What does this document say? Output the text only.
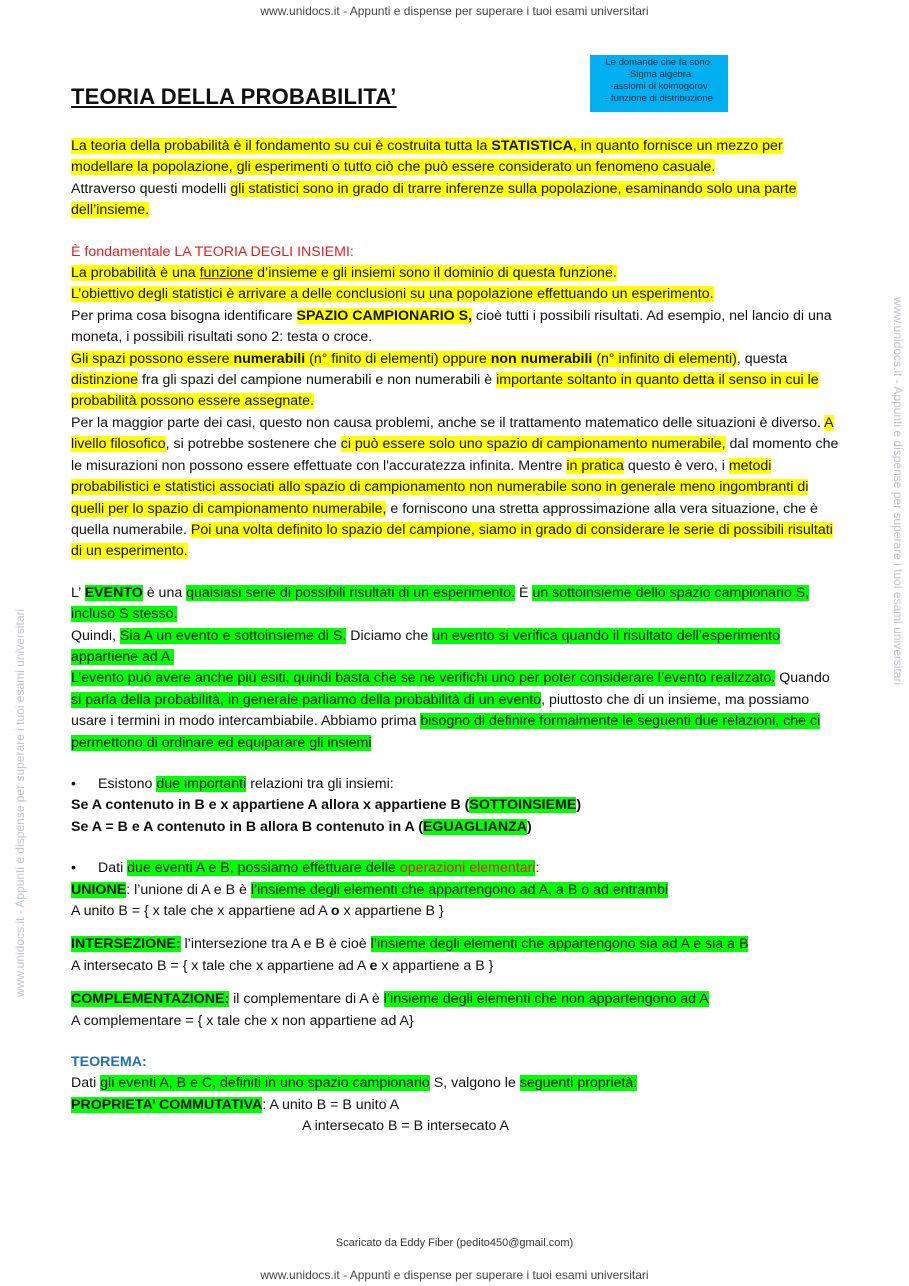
www.unidocs.it - Appunti e dispense per superare i tuoi esami universitari
www.unidocs.it - Appunti e dispense per superare i tuoi esami universitari
www.unidocs.it - Appunti e dispense per superare i tuoi esami universitari
Le domande che fa sono:
-Sigma algebra
-assiomi di kolmogorov
- funzione di distribuzione
TEORIA DELLA PROBABILITA’

La teoria della probabilità è il fondamento su cui è costruita tutta la STATISTICA, in quanto fornisce un mezzo per modellare la popolazione, gli esperimenti o tutto ciò che può essere considerato un fenomeno casuale.

Attraverso questi modelli gli statistici sono in grado di trarre inferenze sulla popolazione, esaminando solo una parte dell’insieme.

È fondamentale LA TEORIA DEGLI INSIEMI:

La probabilità è una funzione d’insieme e gli insiemi sono il dominio di questa funzione.

L’obiettivo degli statistici è arrivare a delle conclusioni su una popolazione effettuando un esperimento.

Per prima cosa bisogna identificare SPAZIO CAMPIONARIO S, cioè tutti i possibili risultati. Ad esempio, nel lancio di una moneta, i possibili risultati sono 2: testa o croce.

Gli spazi possono essere numerabili (n° finito di elementi) oppure non numerabili (n° infinito di elementi), questa distinzione fra gli spazi del campione numerabili e non numerabili è importante soltanto in quanto detta il senso in cui le probabilità possono essere assegnate.

Per la maggior parte dei casi, questo non causa problemi, anche se il trattamento matematico delle situazioni è diverso. A livello filosofico, si potrebbe sostenere che ci può essere solo uno spazio di campionamento numerabile, dal momento che le misurazioni non possono essere effettuate con l'accuratezza infinita. Mentre in pratica questo è vero, i metodi probabilistici e statistici associati allo spazio di campionamento non numerabile sono in generale meno ingombranti di quelli per lo spazio di campionamento numerabile, e forniscono una stretta approssimazione alla vera situazione, che è quella numerabile. Poi una volta definito lo spazio del campione, siamo in grado di considerare le serie di possibili risultati di un esperimento.

L’ EVENTO è una qualsiasi serie di possibili risultati di un esperimento. È un sottoinsieme dello spazio campionario S, incluso S stesso.

Quindi, Sia A un evento e sottoinsieme di S. Diciamo che un evento si verifica quando il risultato dell’esperimento appartiene ad A.

L’evento può avere anche più esiti, quindi basta che se ne verifichi uno per poter considerare l’evento realizzato. Quando si parla della probabilità, in generale parliamo della probabilità di un evento, piuttosto che di un insieme, ma possiamo usare i termini in modo intercambiabile. Abbiamo prima bisogno di definire formalmente le seguenti due relazioni, che ci permettono di ordinare ed equiparare gli insiemi

• Esistono due importanti relazioni tra gli insiemi:

Se A contenuto in B e x appartiene A allora x appartiene B (SOTTOINSIEME)

Se A = B e A contenuto in B allora B contenuto in A (EGUAGLIANZA)

• Dati due eventi A e B, possiamo effettuare delle operazioni elementari:

UNIONE: l’unione di A e B è l’insieme degli elementi che appartengono ad A, a B o ad entrambi

A unito B = { x tale che x appartiene ad A o x appartiene B }

INTERSEZIONE: l’intersezione tra A e B è cioè l’insieme degli elementi che appartengono sia ad A e sia a B

A intersecato B = { x tale che x appartiene ad A e x appartiene a B }

COMPLEMENTAZIONE: il complementare di A è l’insieme degli elementi che non appartengono ad A

A complementare = { x tale che x non appartiene ad A}

TEOREMA:

Dati gli eventi A, B e C, definiti in uno spazio campionario S, valgono le seguenti proprietà:

PROPRIETA’ COMMUTATIVA: A unito B = B unito A

A intersecato B = B intersecato A

Scaricato da Eddy Fiber (pedito450@gmail.com)
www.unidocs.it - Appunti e dispense per superare i tuoi esami universitari
